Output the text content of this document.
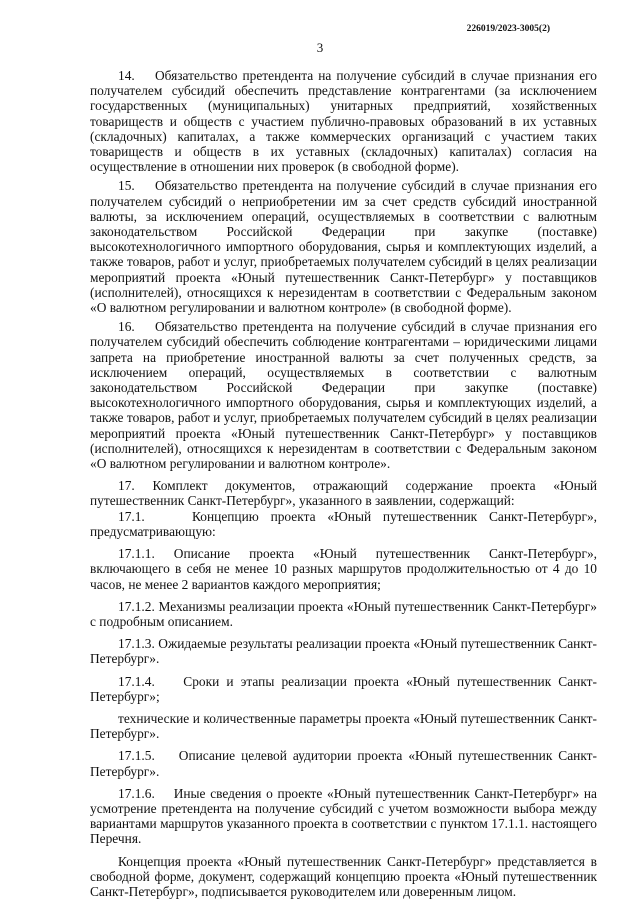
226019/2023-3005(2)
3

14.    Обязательство претендента на получение субсидий в случае признания его получателем субсидий обеспечить представление контрагентами (за исключением государственных (муниципальных) унитарных предприятий, хозяйственных товариществ и обществ с участием публично-правовых образований в их уставных (складочных) капиталах, а также коммерческих организаций с участием таких товариществ и обществ в их уставных (складочных) капиталах) согласия на осуществление в отношении них проверок (в свободной форме).

15.    Обязательство претендента на получение субсидий в случае признания его получателем субсидий о неприобретении им за счет средств субсидий иностранной валюты, за исключением операций, осуществляемых в соответствии с валютным законодательством Российской Федерации при закупке (поставке) высокотехнологичного импортного оборудования, сырья и комплектующих изделий, а также товаров, работ и услуг, приобретаемых получателем субсидий в целях реализации мероприятий проекта «Юный путешественник Санкт-Петербург» у поставщиков (исполнителей), относящихся к нерезидентам в соответствии с Федеральным законом «О валютном регулировании и валютном контроле» (в свободной форме).

16.    Обязательство претендента на получение субсидий в случае признания его получателем субсидий обеспечить соблюдение контрагентами – юридическими лицами запрета на приобретение иностранной валюты за счет полученных средств, за исключением операций, осуществляемых в соответствии с валютным законодательством Российской Федерации при закупке (поставке) высокотехнологичного импортного оборудования, сырья и комплектующих изделий, а также товаров, работ и услуг, приобретаемых получателем субсидий в целях реализации мероприятий проекта «Юный путешественник Санкт-Петербург» у поставщиков (исполнителей), относящихся к нерезидентам в соответствии с Федеральным законом «О валютном регулировании и валютном контроле».

17. Комплект документов, отражающий содержание проекта «Юный путешественник Санкт-Петербург», указанного в заявлении, содержащий:

17.1.    Концепцию проекта «Юный путешественник Санкт-Петербург», предусматривающую:

17.1.1. Описание проекта «Юный путешественник Санкт-Петербург», включающего в себя не менее 10 разных маршрутов продолжительностью от 4 до 10 часов, не менее 2 вариантов каждого мероприятия;

17.1.2. Механизмы реализации проекта «Юный путешественник Санкт-Петербург» с подробным описанием.

17.1.3. Ожидаемые результаты реализации проекта «Юный путешественник Санкт-Петербург».

17.1.4.    Сроки и этапы реализации проекта «Юный путешественник Санкт-Петербург»;

технические и количественные параметры проекта «Юный путешественник Санкт-Петербург».

17.1.5.    Описание целевой аудитории проекта «Юный путешественник Санкт-Петербург».

17.1.6.    Иные сведения о проекте «Юный путешественник Санкт-Петербург» на усмотрение претендента на получение субсидий с учетом возможности выбора между вариантами маршрутов указанного проекта в соответствии с пунктом 17.1.1. настоящего Перечня.

Концепция проекта «Юный путешественник Санкт-Петербург» представляется в свободной форме, документ, содержащий концепцию проекта «Юный путешественник Санкт-Петербург», подписывается руководителем или доверенным лицом.
